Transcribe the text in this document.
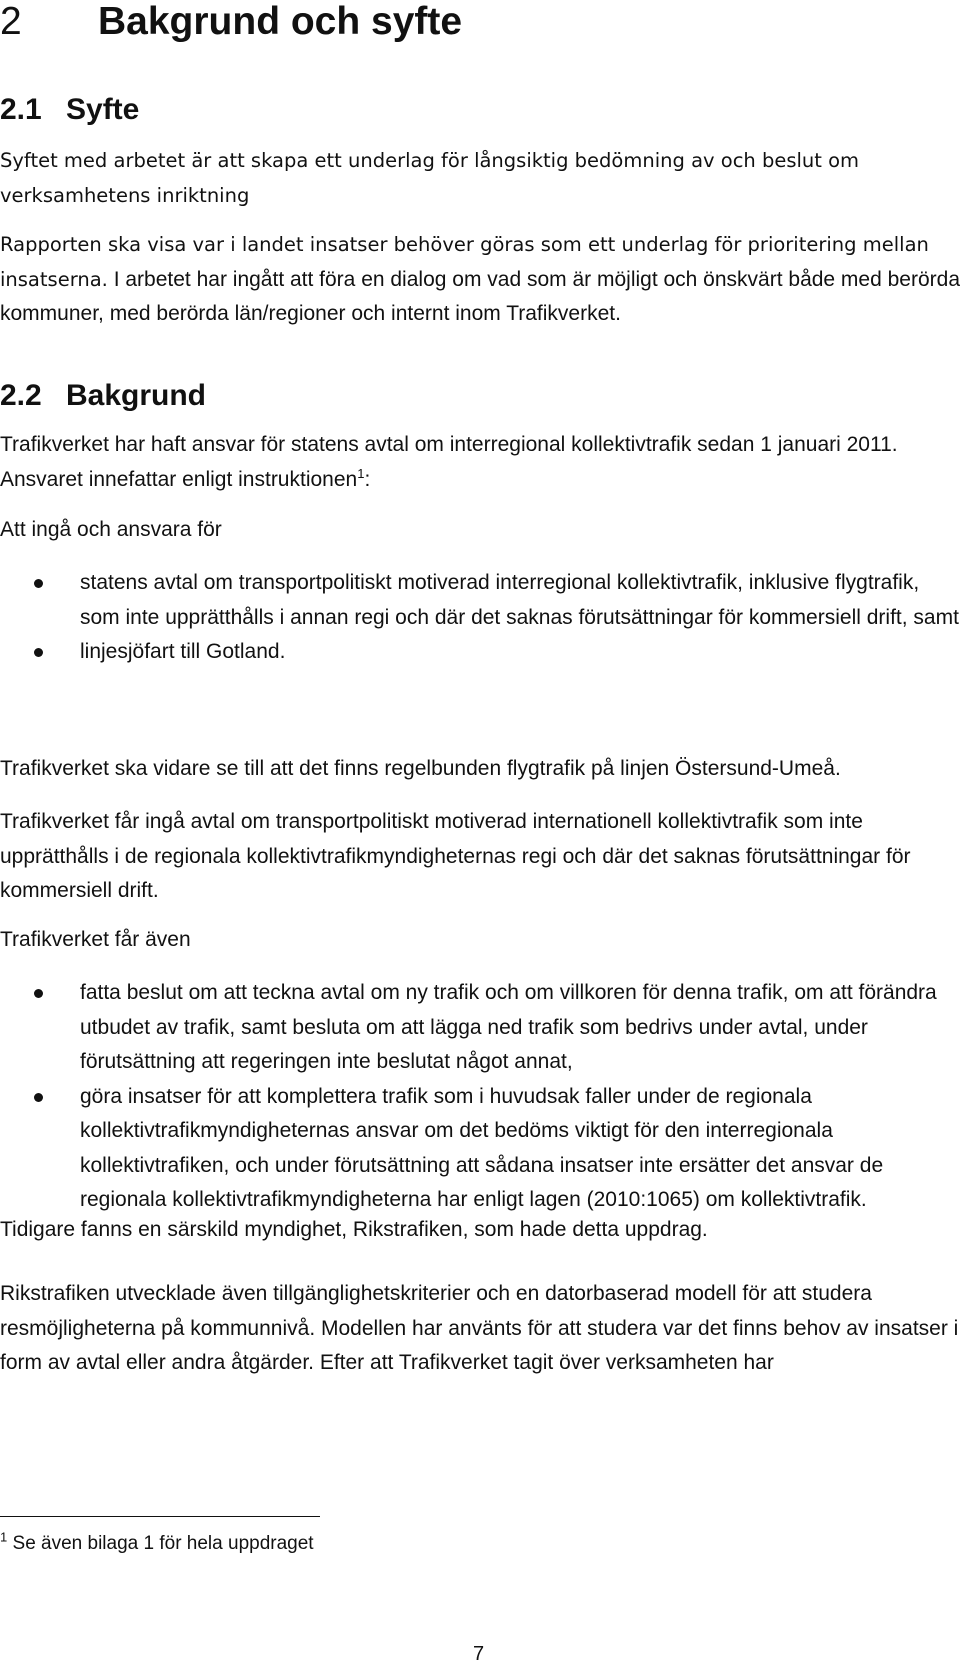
2 Bakgrund och syfte
2.1 Syfte

Syftet med arbetet är att skapa ett underlag för långsiktig bedömning av och beslut om verksamhetens inriktning

Rapporten ska visa var i landet insatser behöver göras som ett underlag för prioritering mellan insatserna. I arbetet har ingått att föra en dialog om vad som är möjligt och önskvärt både med berörda kommuner, med berörda län/regioner och internt inom Trafikverket.

2.2 Bakgrund

Trafikverket har haft ansvar för statens avtal om interregional kollektivtrafik sedan 1 januari 2011. Ansvaret innefattar enligt instruktionen$^1$:

Att ingå och ansvara för

statens avtal om transportpolitiskt motiverad interregional kollektivtrafik, inklusive flygtrafik, som inte upprätthålls i annan regi och där det saknas förutsättningar för kommersiell drift, samt
linjesjöfart till Gotland.

Trafikverket ska vidare se till att det finns regelbunden flygtrafik på linjen Östersund-Umeå.

Trafikverket får ingå avtal om transportpolitiskt motiverad internationell kollektivtrafik som inte upprätthålls i de regionala kollektivtrafikmyndigheternas regi och där det saknas förutsättningar för kommersiell drift.

Trafikverket får även

fatta beslut om att teckna avtal om ny trafik och om villkoren för denna trafik, om att förändra utbudet av trafik, samt besluta om att lägga ned trafik som bedrivs under avtal, under förutsättning att regeringen inte beslutat något annat,
göra insatser för att komplettera trafik som i huvudsak faller under de regionala kollektivtrafikmyndigheternas ansvar om det bedöms viktigt för den interregionala kollektivtrafiken, och under förutsättning att sådana insatser inte ersätter det ansvar de regionala kollektivtrafikmyndigheterna har enligt lagen (2010:1065) om kollektivtrafik.

Tidigare fanns en särskild myndighet, Rikstrafiken, som hade detta uppdrag.

Rikstrafiken utvecklade även tillgänglighetskriterier och en datorbaserad modell för att studera resmöjligheterna på kommunnivå. Modellen har använts för att studera var det finns behov av insatser i form av avtal eller andra åtgärder. Efter att Trafikverket tagit över verksamheten har

$^1$ Se även bilaga 1 för hela uppdraget
7
